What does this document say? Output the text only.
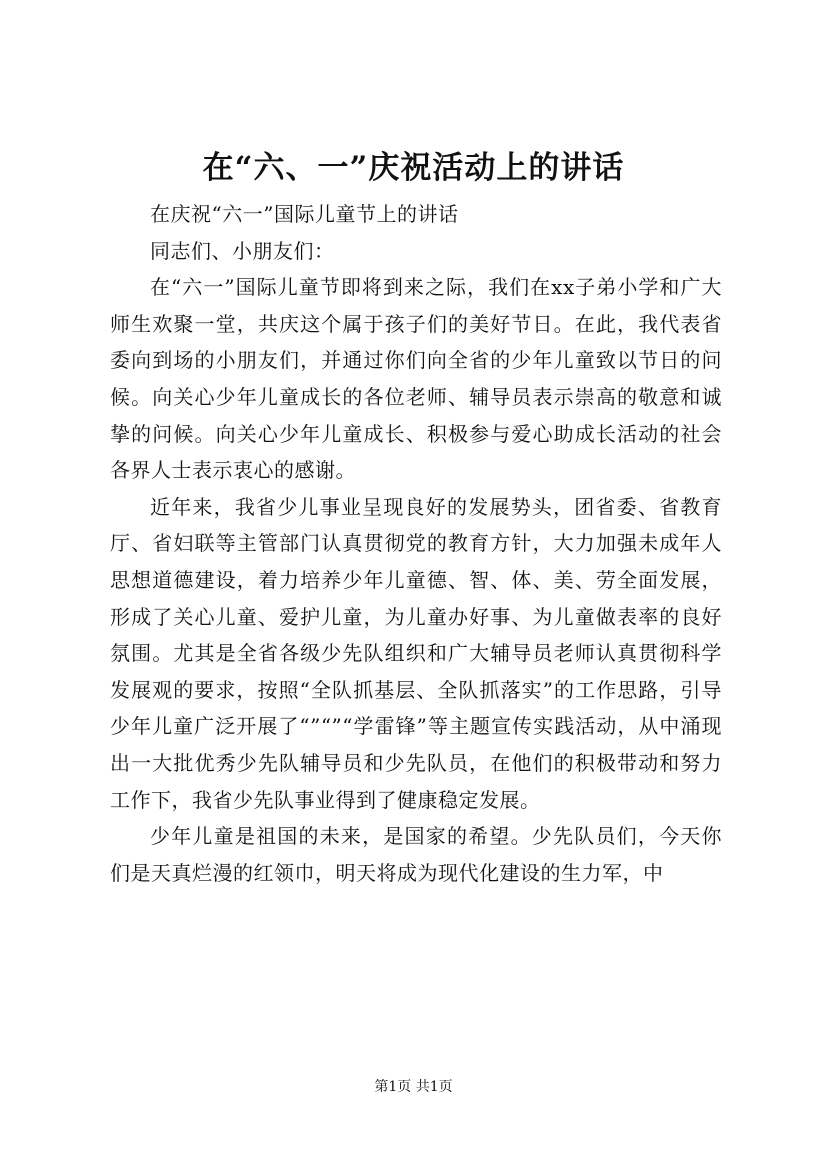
在“六、一”庆祝活动上的讲话

在庆祝“六一”国际儿童节上的讲话

同志们、小朋友们：

在“六一”国际儿童节即将到来之际，我们在xx子弟小学和广大师生欢聚一堂，共庆这个属于孩子们的美好节日。在此，我代表省委向到场的小朋友们，并通过你们向全省的少年儿童致以节日的问候。向关心少年儿童成长的各位老师、辅导员表示崇高的敬意和诚挚的问候。向关心少年儿童成长、积极参与爱心助成长活动的社会各界人士表示衷心的感谢。

近年来，我省少儿事业呈现良好的发展势头，团省委、省教育厅、省妇联等主管部门认真贯彻党的教育方针，大力加强未成年人思想道德建设，着力培养少年儿童德、智、体、美、劳全面发展，形成了关心儿童、爱护儿童，为儿童办好事、为儿童做表率的良好氛围。尤其是全省各级少先队组织和广大辅导员老师认真贯彻科学发展观的要求，按照“全队抓基层、全队抓落实”的工作思路，引导少年儿童广泛开展了“”“”“学雷锋”等主题宣传实践活动，从中涌现出一大批优秀少先队辅导员和少先队员，在他们的积极带动和努力工作下，我省少先队事业得到了健康稳定发展。

少年儿童是祖国的未来，是国家的希望。少先队员们，今天你们是天真烂漫的红领巾，明天将成为现代化建设的生力军，中

第1页 共1页
